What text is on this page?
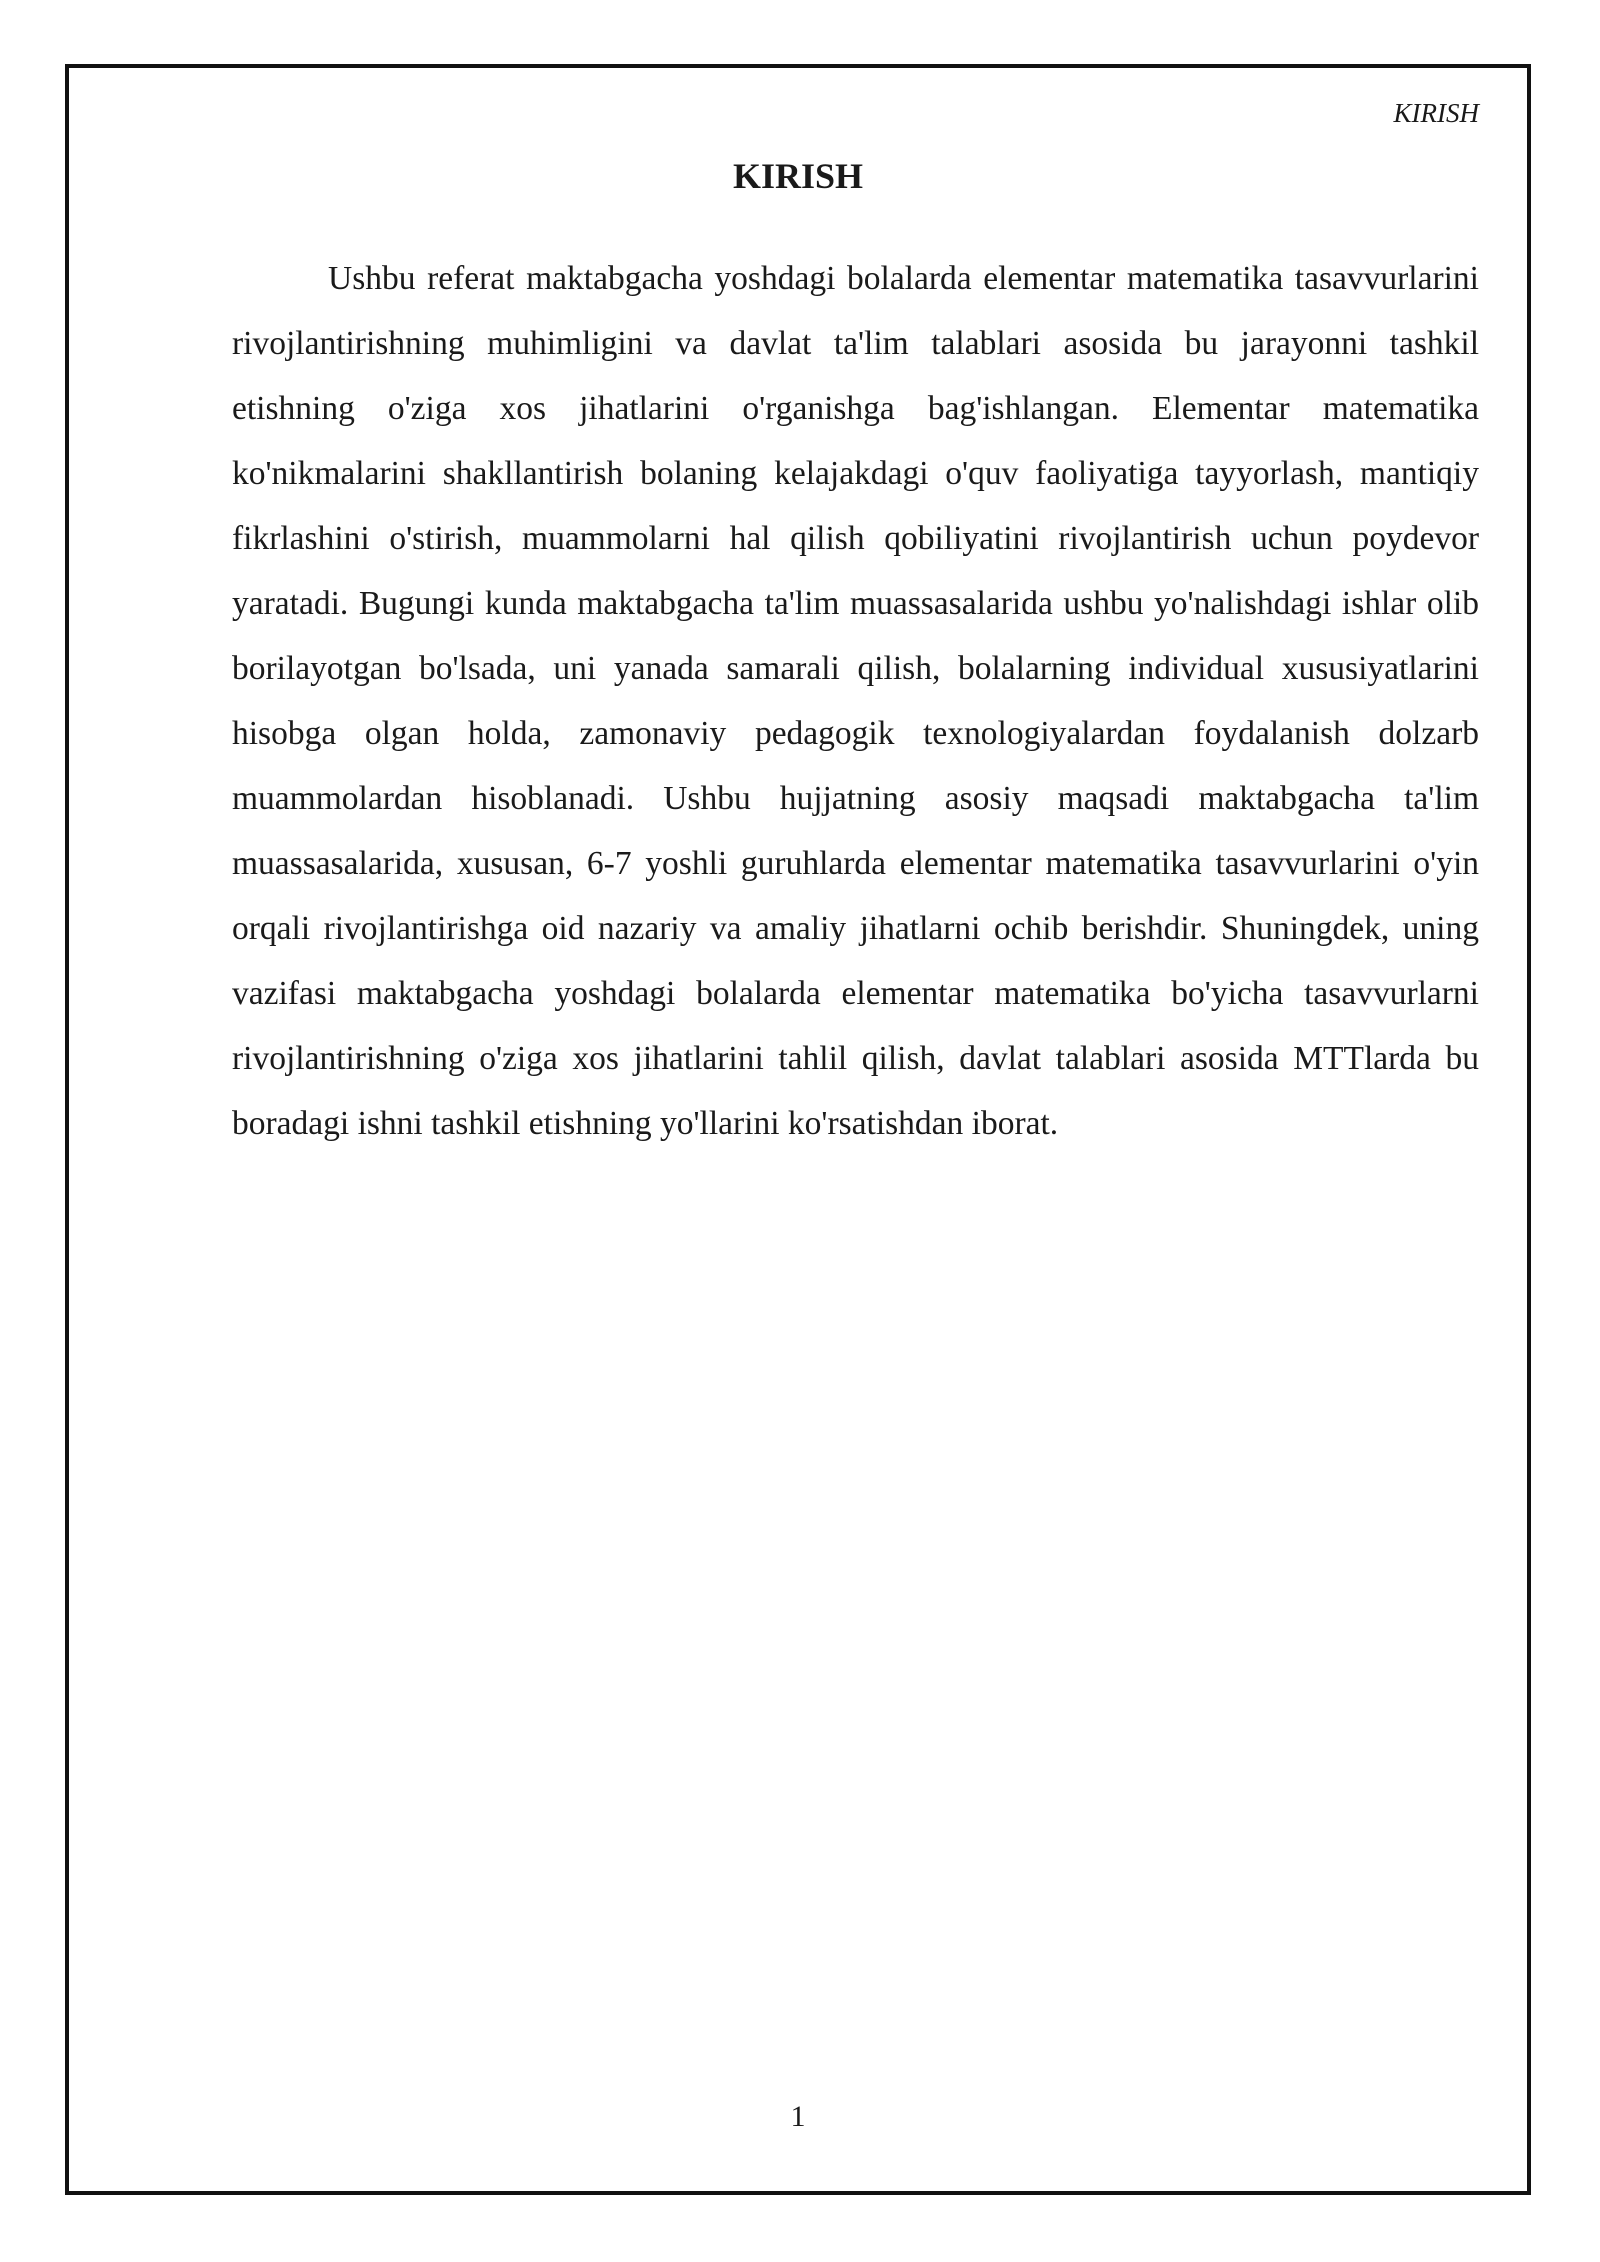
KIRISH
KIRISH

Ushbu referat maktabgacha yoshdagi bolalarda elementar matematika tasavvurlarini rivojlantirishning muhimligini va davlat ta'lim talablari asosida bu jarayonni tashkil etishning o'ziga xos jihatlarini o'rganishga bag'ishlangan. Elementar matematika ko'nikmalarini shakllantirish bolaning kelajakdagi o'quv faoliyatiga tayyorlash, mantiqiy fikrlashini o'stirish, muammolarni hal qilish qobiliyatini rivojlantirish uchun poydevor yaratadi. Bugungi kunda maktabgacha ta'lim muassasalarida ushbu yo'nalishdagi ishlar olib borilayotgan bo'lsada, uni yanada samarali qilish, bolalarning individual xususiyatlarini hisobga olgan holda, zamonaviy pedagogik texnologiyalardan foydalanish dolzarb muammolardan hisoblanadi. Ushbu hujjatning asosiy maqsadi maktabgacha ta'lim muassasalarida, xususan, 6-7 yoshli guruhlarda elementar matematika tasavvurlarini o'yin orqali rivojlantirishga oid nazariy va amaliy jihatlarni ochib berishdir. Shuningdek, uning vazifasi maktabgacha yoshdagi bolalarda elementar matematika bo'yicha tasavvurlarni rivojlantirishning o'ziga xos jihatlarini tahlil qilish, davlat talablari asosida MTTlarda bu boradagi ishni tashkil etishning yo'llarini ko'rsatishdan iborat.

1
